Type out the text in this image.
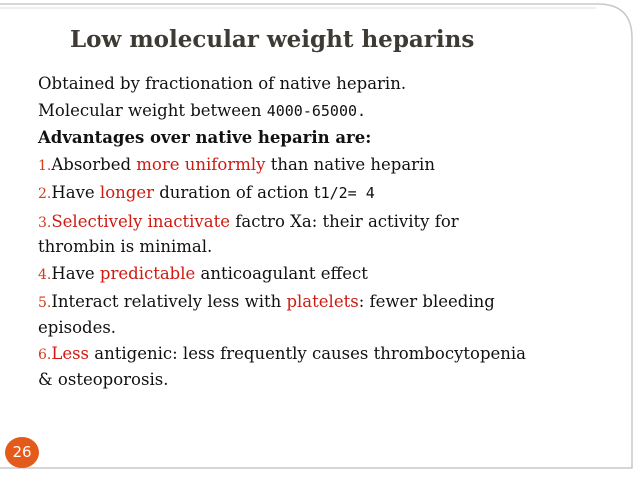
Low molecular weight heparins
Obtained by fractionation of native heparin.
Molecular weight between 4000-65000.
Advantages over native heparin are:
1.Absorbed more uniformly than native heparin
2.Have longer duration of action t1/2= 4
3.Selectively inactivate factro Xa: their activity for
thrombin is minimal.
4.Have predictable anticoagulant effect
5.Interact relatively less with platelets: fewer bleeding
episodes.
6.Less antigenic: less frequently causes thrombocytopenia
& osteoporosis.
26
